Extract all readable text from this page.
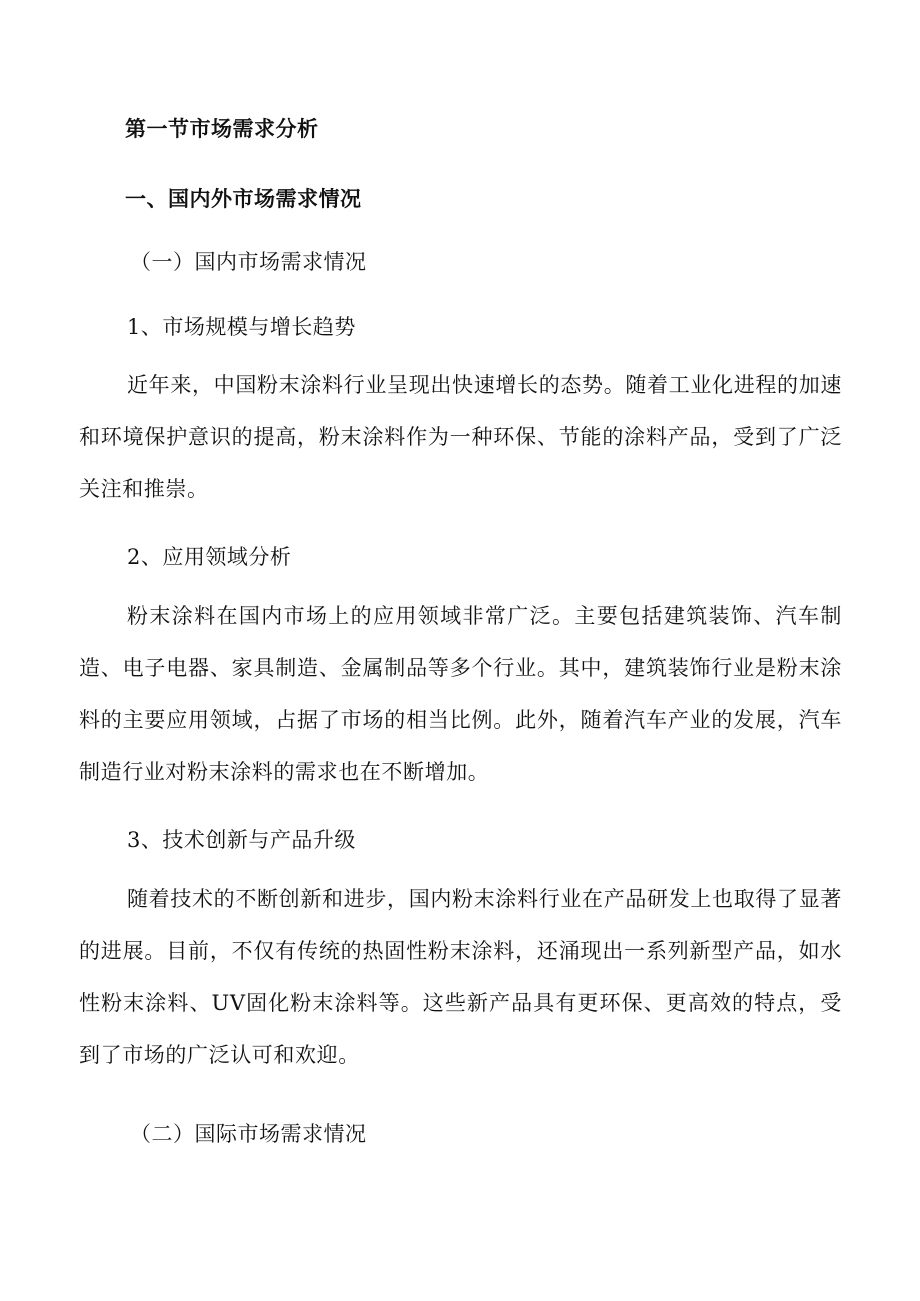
第一节市场需求分析
一、国内外市场需求情况
（一）国内市场需求情况
1、市场规模与增长趋势

近年来，中国粉末涂料行业呈现出快速增长的态势。随着工业化进程的加速和环境保护意识的提高，粉末涂料作为一种环保、节能的涂料产品，受到了广泛关注和推崇。

2、应用领域分析

粉末涂料在国内市场上的应用领域非常广泛。主要包括建筑装饰、汽车制造、电子电器、家具制造、金属制品等多个行业。其中，建筑装饰行业是粉末涂料的主要应用领域，占据了市场的相当比例。此外，随着汽车产业的发展，汽车制造行业对粉末涂料的需求也在不断增加。

3、技术创新与产品升级

随着技术的不断创新和进步，国内粉末涂料行业在产品研发上也取得了显著的进展。目前，不仅有传统的热固性粉末涂料，还涌现出一系列新型产品，如水性粉末涂料、UV固化粉末涂料等。这些新产品具有更环保、更高效的特点，受到了市场的广泛认可和欢迎。

（二）国际市场需求情况
